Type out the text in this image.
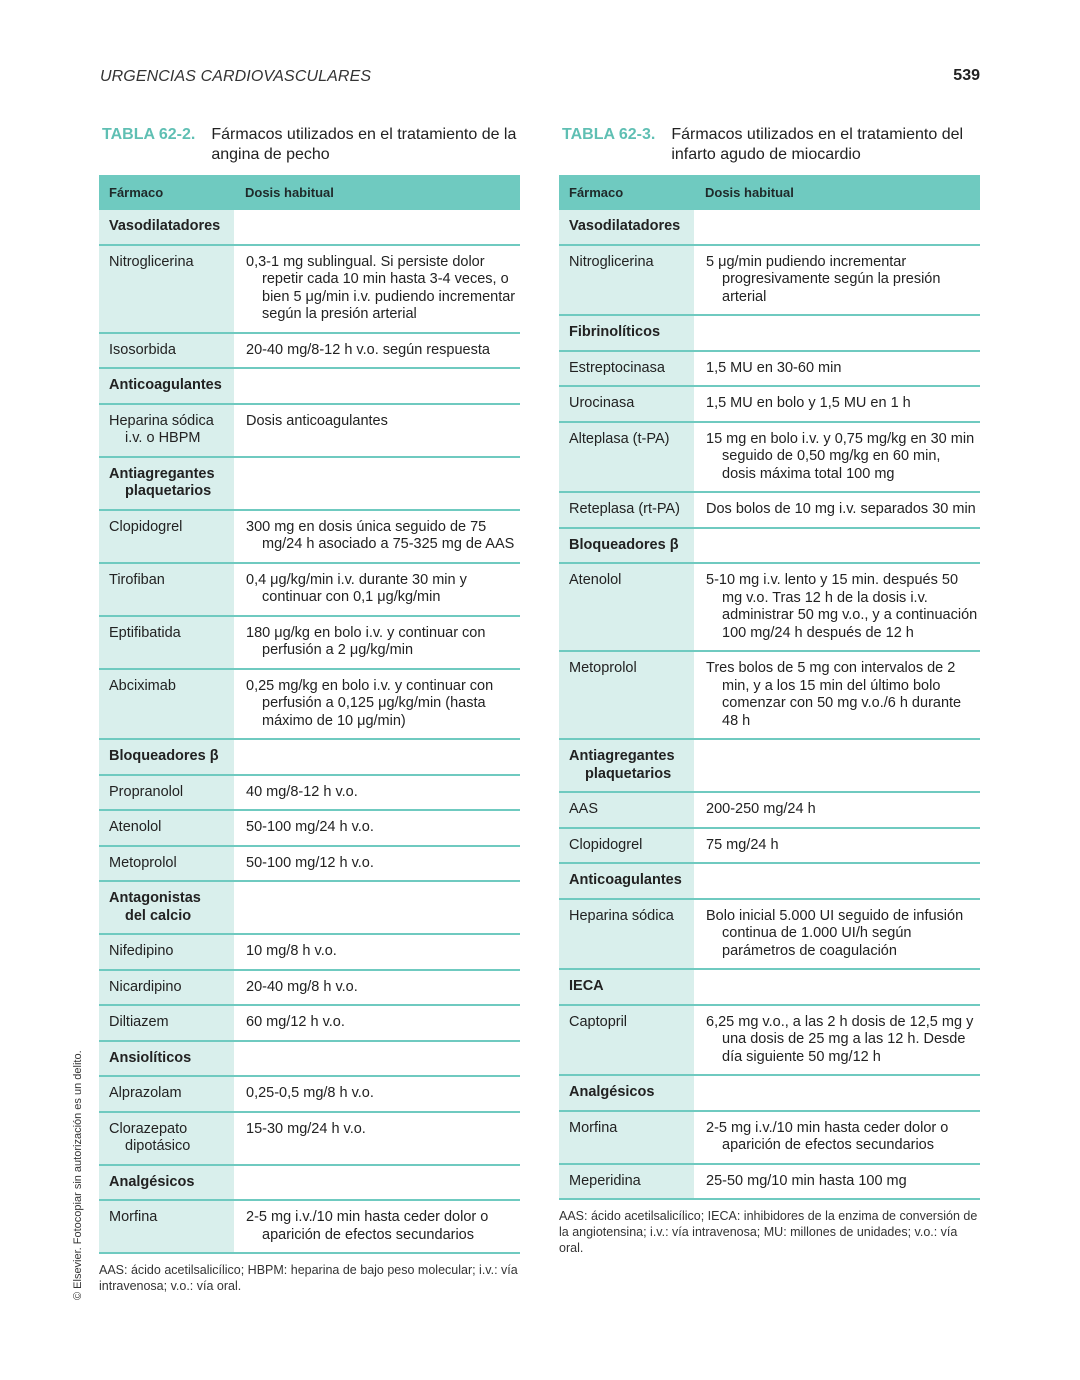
URGENCIAS CARDIOVASCULARES	539
© Elsevier. Fotocopiar sin autorización es un delito.
TABLA 62-2. Fármacos utilizados en el tratamiento de la angina de pecho
Fármaco	Dosis habitual

Vasodilatadores	

Nitroglicerina	0,3-1 mg sublingual. Si persiste dolor repetir cada 10 min hasta 3-4 veces, o bien 5 μg/min i.v. pudiendo incrementar según la presión arterial

Isosorbida	20-40 mg/8-12 h v.o. según respuesta

Anticoagulantes	

Heparina sódica i.v. o HBPM	Dosis anticoagulantes

Antiagregantes plaquetarios	

Clopidogrel	300 mg en dosis única seguido de 75 mg/24 h asociado a 75-325 mg de AAS

Tirofiban	0,4 μg/kg/min i.v. durante 30 min y continuar con 0,1 μg/kg/min

Eptifibatida	180 μg/kg en bolo i.v. y continuar con perfusión a 2 μg/kg/min

Abciximab	0,25 mg/kg en bolo i.v. y continuar con perfusión a 0,125 μg/kg/min (hasta máximo de 10 μg/min)

Bloqueadores β	

Propranolol	40 mg/8-12 h v.o.

Atenolol	50-100 mg/24 h v.o.

Metoprolol	50-100 mg/12 h v.o.

Antagonistas del calcio	

Nifedipino	10 mg/8 h v.o.

Nicardipino	20-40 mg/8 h v.o.

Diltiazem	60 mg/12 h v.o.

Ansiolíticos	

Alprazolam	0,25-0,5 mg/8 h v.o.

Clorazepato dipotásico	15-30 mg/24 h v.o.

Analgésicos	

Morfina	2-5 mg i.v./10 min hasta ceder dolor o aparición de efectos secundarios
AAS: ácido acetilsalicílico; HBPM: heparina de bajo peso molecular; i.v.: vía intravenosa; v.o.: vía oral.
TABLA 62-3. Fármacos utilizados en el tratamiento del infarto agudo de miocardio
Fármaco	Dosis habitual

Vasodilatadores	

Nitroglicerina	5 μg/min pudiendo incrementar progresivamente según la presión arterial

Fibrinolíticos	

Estreptocinasa	1,5 MU en 30-60 min

Urocinasa	1,5 MU en bolo y 1,5 MU en 1 h

Alteplasa (t-PA)	15 mg en bolo i.v. y 0,75 mg/kg en 30 min seguido de 0,50 mg/kg en 60 min, dosis máxima total 100 mg

Reteplasa (rt-PA)	Dos bolos de 10 mg i.v. separados 30 min

Bloqueadores β	

Atenolol	5-10 mg i.v. lento y 15 min. después 50 mg v.o. Tras 12 h de la dosis i.v. administrar 50 mg v.o., y a continuación 100 mg/24 h después de 12 h

Metoprolol	Tres bolos de 5 mg con intervalos de 2 min, y a los 15 min del último bolo comenzar con 50 mg v.o./6 h durante 48 h

Antiagregantes plaquetarios	

AAS	200-250 mg/24 h

Clopidogrel	75 mg/24 h

Anticoagulantes	

Heparina sódica	Bolo inicial 5.000 UI seguido de infusión continua de 1.000 UI/h según parámetros de coagulación

IECA	

Captopril	6,25 mg v.o., a las 2 h dosis de 12,5 mg y una dosis de 25 mg a las 12 h. Desde día siguiente 50 mg/12 h

Analgésicos	

Morfina	2-5 mg i.v./10 min hasta ceder dolor o aparición de efectos secundarios

Meperidina	25-50 mg/10 min hasta 100 mg
AAS: ácido acetilsalicílico; IECA: inhibidores de la enzima de conversión de la angiotensina; i.v.: vía intravenosa; MU: millones de unidades; v.o.: vía oral.
